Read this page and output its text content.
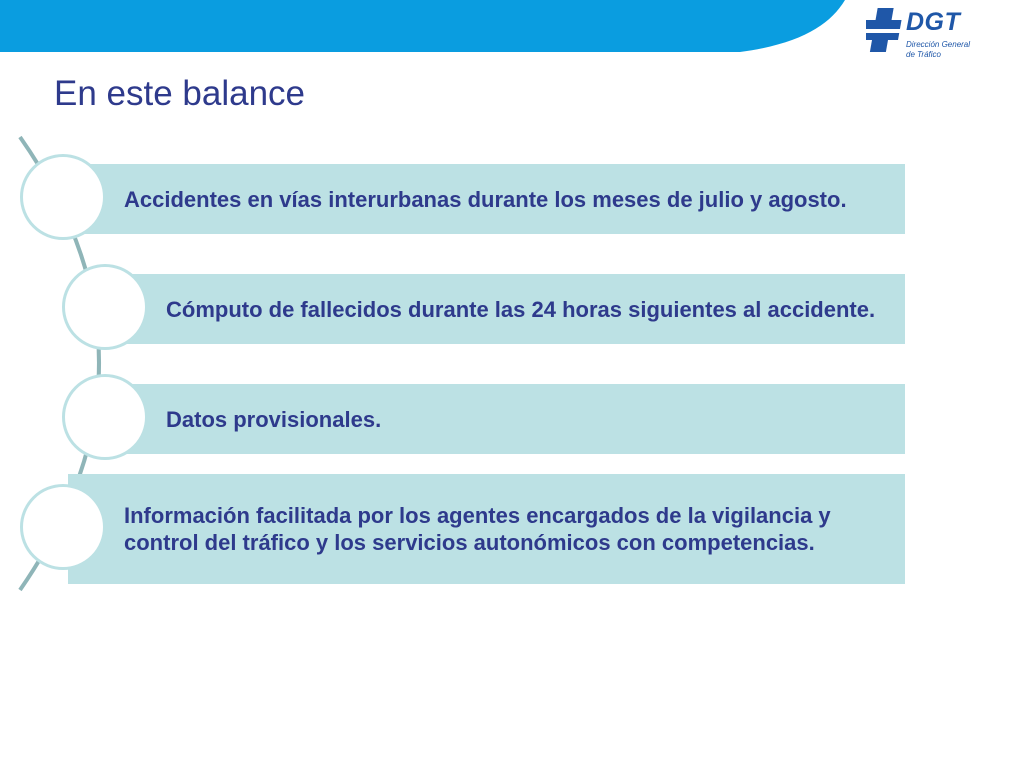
DGT
Dirección General
de Tráfico
En este balance
Accidentes en vías interurbanas durante los meses de julio y agosto.
Cómputo de fallecidos durante las 24 horas siguientes al accidente.
Datos provisionales.
Información facilitada por los agentes encargados de la vigilancia y control del tráfico y los servicios autonómicos con competencias.
